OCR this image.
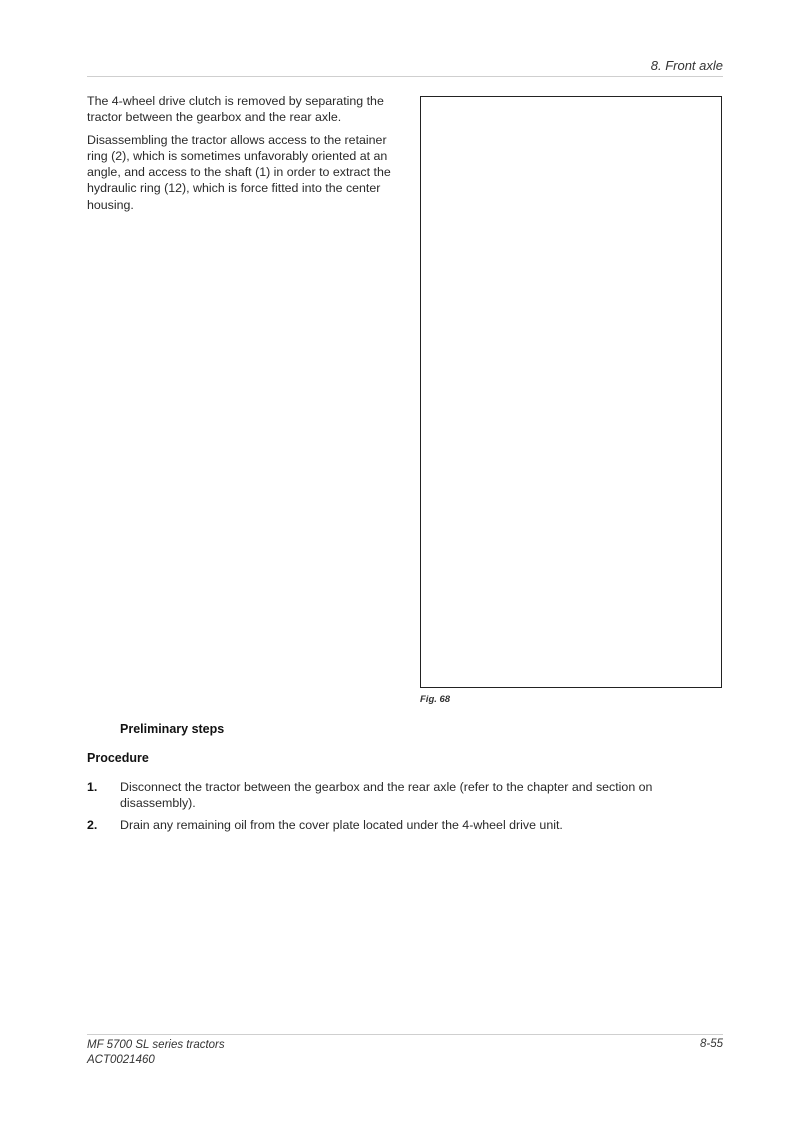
8. Front axle

The 4-wheel drive clutch is removed by separating the tractor between the gearbox and the rear axle.

Disassembling the tractor allows access to the retainer ring (2), which is sometimes unfavorably oriented at an angle, and access to the shaft (1) in order to extract the hydraulic ring (12), which is force fitted into the center housing.

Fig. 68
Preliminary steps
Procedure
1.	Disconnect the tractor between the gearbox and the rear axle (refer to the chapter and section on disassembly).
2.	Drain any remaining oil from the cover plate located under the 4-wheel drive unit.
MF 5700 SL series tractors
ACT0021460
8-55
